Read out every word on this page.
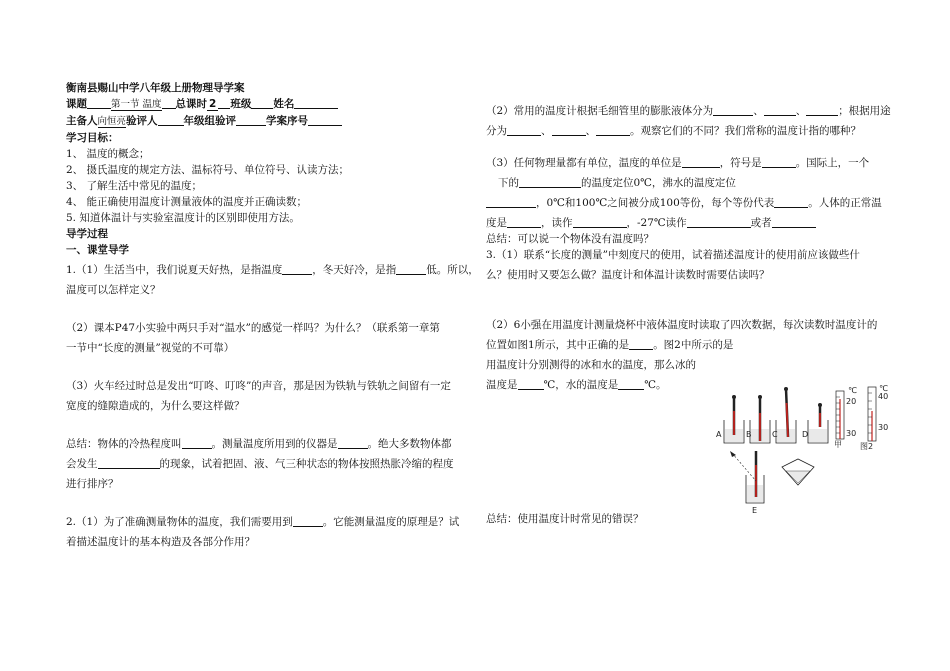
衡南县赐山中学八年级上册物理导学案

课题	第一节 温度 总课时 2 班级 姓名

主备人向恒亮验评人 年级组验评	学案序号

学习目标：

1、 温度的概念；

2、 摄氏温度的规定方法、温标符号、单位符号、认读方法；

3、 了解生活中常见的温度；

4、 能正确使用温度计测量液体的温度并正确读数；

5. 知道体温计与实验室温度计的区别即使用方法。

导学过程

一、课堂导学

1.（1）生活当中，我们说夏天好热，是指温度	，冬天好冷，是指	低。所以，

温度可以怎样定义？

（2）课本P47小实验中两只手对“温水”的感觉一样吗？为什么？（联系第一章第

一节中“长度的测量”视觉的不可靠）

（3）火车经过时总是发出“叮咚、叮咚”的声音，那是因为铁轨与铁轨之间留有一定

宽度的缝隙造成的，为什么要这样做？

总结：物体的冷热程度叫	。测量温度所用到的仪器是	。绝大多数物体都

会发生	的现象，试着把固、液、气三种状态的物体按照热胀冷缩的程度

进行排序？

2.（1）为了准确测量物体的温度，我们需要用到	。它能测量温度的原理是？试

着描述温度计的基本构造及各部分作用？

（2）常用的温度计根据毛细管里的膨胀液体分为	、	、	；根据用途

分为	、	、	。观察它们的不同？我们常称的温度计指的哪种？

（3）任何物理量都有单位，温度的单位是	，符号是	。国际上，一个

下的	的温度定位0℃，沸水的温度定位

，0℃和100℃之间被分成100等份，每个等份代表	。人体的正常温

度是	，读作	，-27℃读作	或者

总结：可以说一个物体没有温度吗？

3.（1）联系“长度的测量”中刻度尺的使用，试着描述温度计的使用前应该做些什

么？使用时又要怎么做？温度计和体温计读数时需要估读吗？

（2）6小强在用温度计测量烧杯中液体温度时读取了四次数据，每次读数时温度计的

位置如图1所示，其中正确的是 。图2中所示的是

用温度计分别测得的冰和水的温度，那么冰的

温度是 ℃，水的温度是 ℃。

总结：使用温度计时常见的错误？

A	B	C	D
℃
20
30
甲
℃
40
30
图2
E
